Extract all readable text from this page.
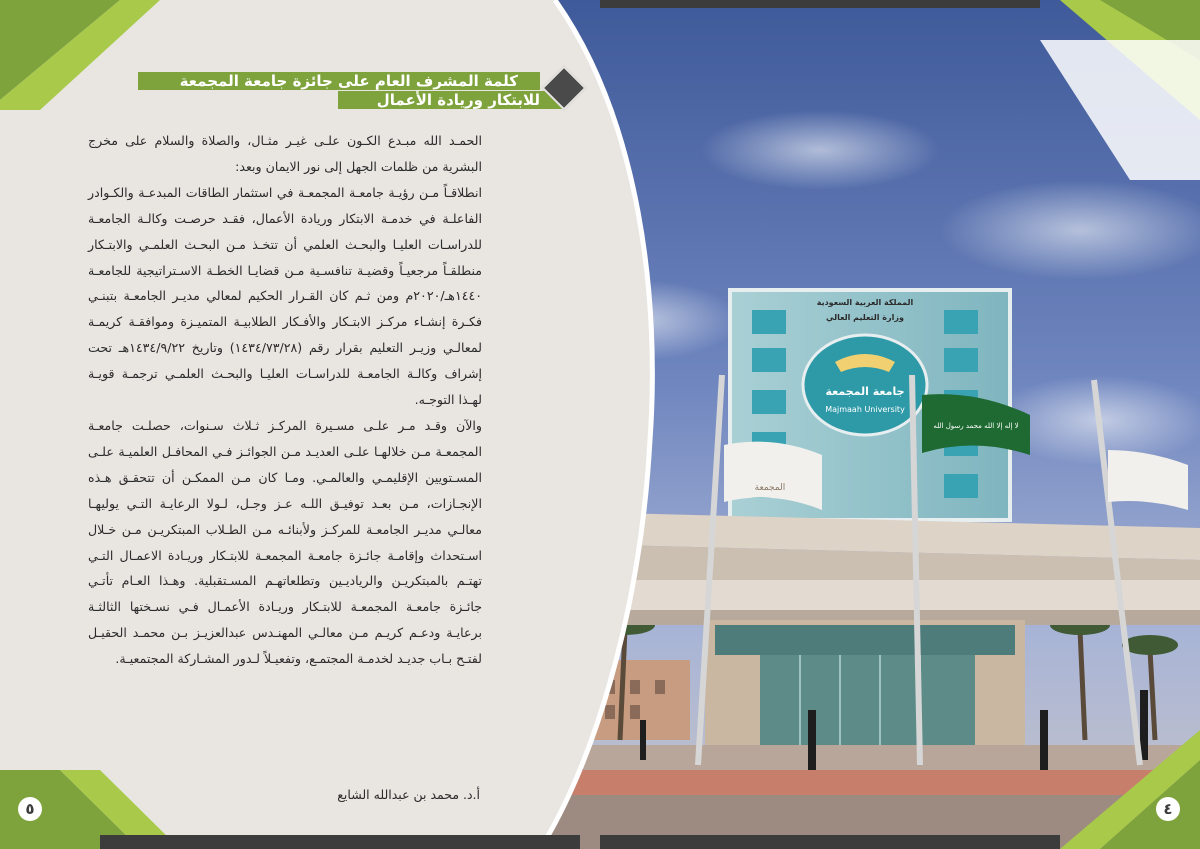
جامعة المجمعة
Majmaah University
المملكة العربية السعودية
وزارة التعليم العالي
المجمعة
لا إله إلا الله محمد رسول الله
كلمة المشرف العام على جائزة جامعة المجمعة
للابتكار وريادة الأعمال

الحمـد الله مبـدع الكـون علـى غيـر مثـال، والصلاة والسلام على مخرج البشرية من ظلمات الجهل إلى نور الايمان وبعد:

انطلاقـاً مـن رؤيـة جامعـة المجمعـة في استثمار الطاقات المبدعـة والكـوادر الفاعلـة في خدمـة الابتكار وريادة الأعمال، فقـد حرصـت وكالـة الجامعـة للدراسـات العليـا والبحـث العلمي أن تتخـذ مـن البحـث العلمـي والابتـكار منطلقـاً مرجعيـاً وقضيـة تنافسـية مـن قضايـا الخطـة الاسـتراتيجية للجامعـة ١٤٤٠هـ/٢٠٢٠م ومن ثـم كان القـرار الحكيم لمعالي مديـر الجامعـة بتبنـي فكـرة إنشـاء مركـز الابتـكار والأفـكار الطلابيـة المتميـزة وموافقـة كريمـة لمعالـي وزيـر التعليم بقرار رقم (١٤٣٤/٧٣/٢٨) وتاريخ ١٤٣٤/٩/٢٢هـ تحت إشراف وكالـة الجامعـة للدراسـات العليـا والبحـث العلمـي ترجمـة قويـة لهـذا التوجـه.

والآن وقـد مـر علـى مسـيرة المركـز ثـلاث سـنوات، حصلـت جامعـة المجمعـة مـن خلالهـا علـى العديـد مـن الجوائـز فـي المحافـل العلميـة علـى المسـتويين الإقليمـي والعالمـي. ومـا كان مـن الممكـن أن تتحقـق هـذه الإنجـازات، مـن بعـد توفيـق اللـه عـز وجـل، لـولا الرعايـة التـي يوليهـا معالـي مديـر الجامعـة للمركـز ولأبنائـه مـن الطـلاب المبتكريـن مـن خـلال اسـتحداث وإقامـة جائـزة جامعـة المجمعـة للابتـكار وريـادة الاعمـال التـي تهتـم بالمبتكريـن والرياديـين وتطلعاتهـم المسـتقبلية. وهـذا العـام تأتـي جائـزة جامعـة المجمعـة للابتـكار وريـادة الأعمـال فـي نسـختها الثالثـة برعايـة ودعـم كريـم مـن معالـي المهنـدس عبدالعزيـز بـن محمـد الحقيـل لفتـح بـاب جديـد لخدمـة المجتمـع، وتفعيـلاً لـدور المشـاركة المجتمعيـة.

أ.د. محمد بن عبدالله الشايع
٥	٤
